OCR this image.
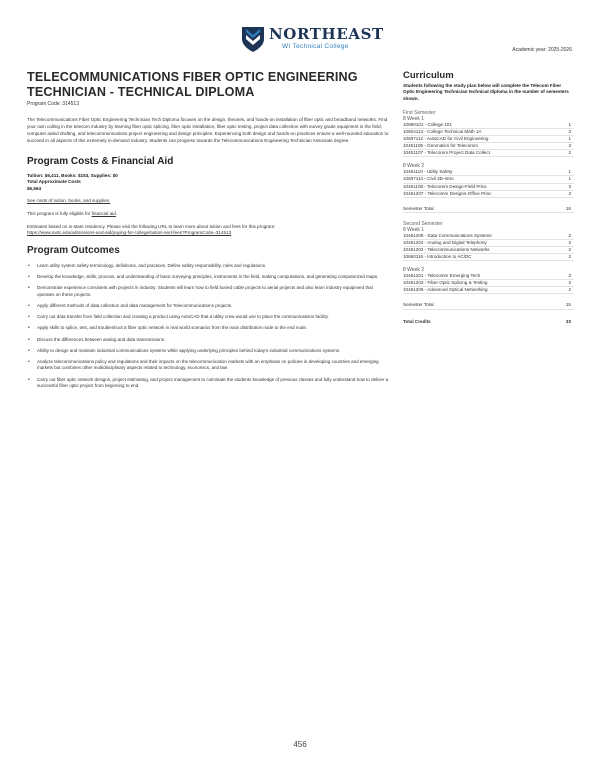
NORTHEAST
WI Technical College	Academic year: 2025-2026
TELECOMMUNICATIONS FIBER OPTIC ENGINEERING TECHNICIAN - TECHNICAL DIPLOMA
Program Code: 314513

The Telecommunications Fiber Optic Engineering Technician Tech Diploma focuses on the design, theories, and hands-on installation of fiber optic and broadband networks. Find your own calling in the telecom industry by learning fiber optic splicing, fiber optic installation, fiber optic testing, project data collection with survey grade equipment in the field, computer aided drafting, and telecommunications project engineering and design principles. Experiencing both design and hands-on practices ensure a well-rounded education to succeed in all aspects of this extremely in-demand industry. Students can progress towards the Telecommunications Engineering Technician Associate degree.

Program Costs & Financial Aid
Tuition: $6,411, Books: $153, Supplies: $0
Total Approximate Costs
$6,564

See costs of tuition, books, and supplies.

This program is fully eligible for financial aid.

Estimates based on in-state residency. Please visit the following URL to learn more about tuition and fees for this program:

https://www.nwtc.edu/admissions-and-aid/paying-for-college/tuition-and-fees?ProgramCode=314513

Program Outcomes
• Learn utility system safety terminology, definitions, and practices. Define safety responsibility, rules and regulations.
• Develop the knowledge, skills, process, and understanding of basic surveying principles, instruments in the field, making computations, and generating computerized maps.
• Demonstrate experience consistent with projects in industry. Students will learn how to field buried cable projects to aerial projects and also learn industry equipment that operates on these projects.
• Apply different methods of data collection and data management for Telecommunications projects.
• Carry out data transfer from field collection and creating a product using AutoCAD that a utility crew would use to place the communications facility.
• Apply skills to splice, test, and troubleshoot a fiber optic network in real world scenarios from the main distribution node to the end node.
• Discuss the differences between analog and data transmissions.
• Ability to design and maintain industrial communications systems while applying underlying principles behind today's industrial communications systems.
• Analyze telecommunications policy and regulations and their impacts on the telecommunication markets with an emphasis on policies in developing countries and emerging markets but combines other multidisciplinary aspects related to technology, economics, and law.
• Carry out fiber optic network designs, project estimating, and project management to culminate the students knowledge of previous classes and fully understand how to deliver a successful fiber optic project from beginning to end.
Curriculum

Students following the study plan below will complete the Telecom Fiber Optic Engineering Technician technical diploma in the number of semesters shown.

First Semester
8 Week 1
10890101 - College 101	1
10804113 - College Technical Math 1A	3
10607112 - AutoCAD for Civil Engineering	1
10451106 - Geomatics for Telecomm	3
10451107 - Telecomm Project Data Collect	2
8 Week 2
10451110 - Utility Safety	1
10607114 - Civil 3D-Intro	1
10451108 - Telecomm Design-Field Princ	3
10451207 - Telecomm Designs-Office Princ	3
Semester Total	18
Second Semester
8 Week 1
10451205 - Data Communications Systems	2
10451204 - Analog and Digital Telephony	2
10451202 - Telecommunications Networks	2
10660116 - Introduction to AC/DC	2
8 Week 2
10451201 - Telecomm Emerging Tech	3
10451203 - Fiber Optic Splicing & Testing	2
10451206 - Advanced Optical Networking	2
Semester Total	15
Total Credits	33
456
